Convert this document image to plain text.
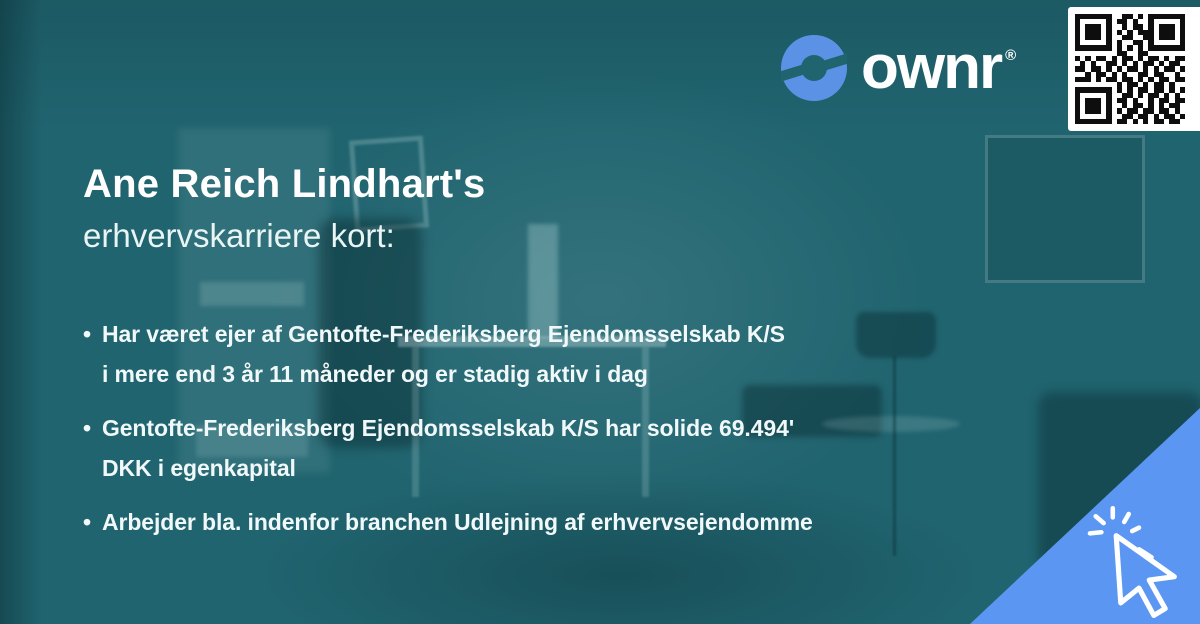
ownr ®
Ane Reich Lindhart's
erhvervskarriere kort:
• Har været ejer af Gentofte-Frederiksberg Ejendomsselskab K/S
i mere end 3 år 11 måneder og er stadig aktiv i dag
• Gentofte-Frederiksberg Ejendomsselskab K/S har solide 69.494'
DKK i egenkapital
• Arbejder bla. indenfor branchen Udlejning af erhvervsejendomme
